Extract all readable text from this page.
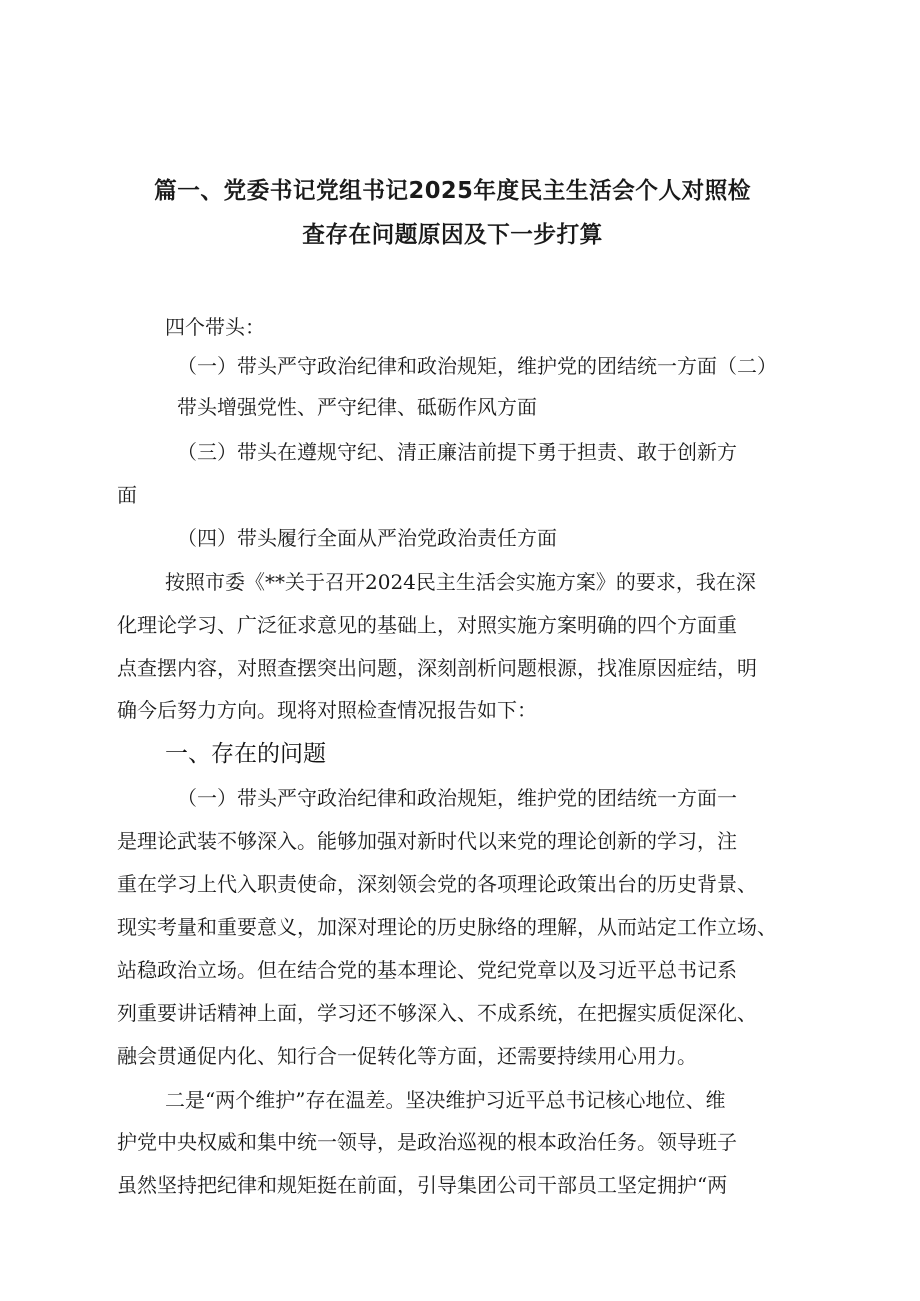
篇一、党委书记党组书记2025年度民主生活会个人对照检
查存在问题原因及下一步打算
四个带头：
（一）带头严守政治纪律和政治规矩，维护党的团结统一方面（二）
带头增强党性、严守纪律、砥砺作风方面
（三）带头在遵规守纪、清正廉洁前提下勇于担责、敢于创新方
面
（四）带头履行全面从严治党政治责任方面
按照市委《**关于召开2024民主生活会实施方案》的要求，我在深
化理论学习、广泛征求意见的基础上，对照实施方案明确的四个方面重
点查摆内容，对照查摆突出问题，深刻剖析问题根源，找准原因症结，明
确今后努力方向。现将对照检查情况报告如下：
一、存在的问题
（一）带头严守政治纪律和政治规矩，维护党的团结统一方面一
是理论武装不够深入。能够加强对新时代以来党的理论创新的学习，注
重在学习上代入职责使命，深刻领会党的各项理论政策出台的历史背景、
现实考量和重要意义，加深对理论的历史脉络的理解，从而站定工作立场、
站稳政治立场。但在结合党的基本理论、党纪党章以及习近平总书记系
列重要讲话精神上面，学习还不够深入、不成系统，在把握实质促深化、
融会贯通促内化、知行合一促转化等方面，还需要持续用心用力。
二是“两个维护”存在温差。坚决维护习近平总书记核心地位、维
护党中央权威和集中统一领导，是政治巡视的根本政治任务。领导班子
虽然坚持把纪律和规矩挺在前面，引导集团公司干部员工坚定拥护“两
